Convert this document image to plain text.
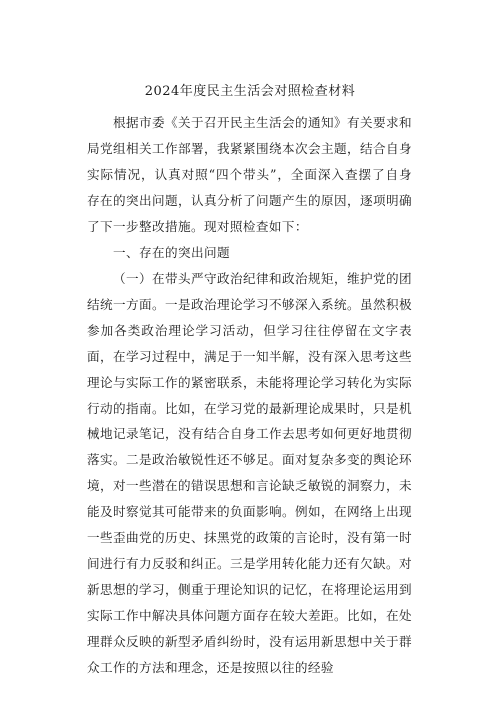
2024年度民主生活会对照检查材料

根据市委《关于召开民主生活会的通知》有关要求和局党组相关工作部署，我紧紧围绕本次会主题，结合自身实际情况，认真对照“四个带头”，全面深入查摆了自身存在的突出问题，认真分析了问题产生的原因，逐项明确了下一步整改措施。现对照检查如下：

一、存在的突出问题

（一）在带头严守政治纪律和政治规矩，维护党的团结统一方面。一是政治理论学习不够深入系统。虽然积极参加各类政治理论学习活动，但学习往往停留在文字表面，在学习过程中，满足于一知半解，没有深入思考这些理论与实际工作的紧密联系，未能将理论学习转化为实际行动的指南。比如，在学习党的最新理论成果时，只是机械地记录笔记，没有结合自身工作去思考如何更好地贯彻落实。二是政治敏锐性还不够足。面对复杂多变的舆论环境，对一些潜在的错误思想和言论缺乏敏锐的洞察力，未能及时察觉其可能带来的负面影响。例如，在网络上出现一些歪曲党的历史、抹黑党的政策的言论时，没有第一时间进行有力反驳和纠正。三是学用转化能力还有欠缺。对新思想的学习，侧重于理论知识的记忆，在将理论运用到实际工作中解决具体问题方面存在较大差距。比如，在处理群众反映的新型矛盾纠纷时，没有运用新思想中关于群众工作的方法和理念，还是按照以往的经验
